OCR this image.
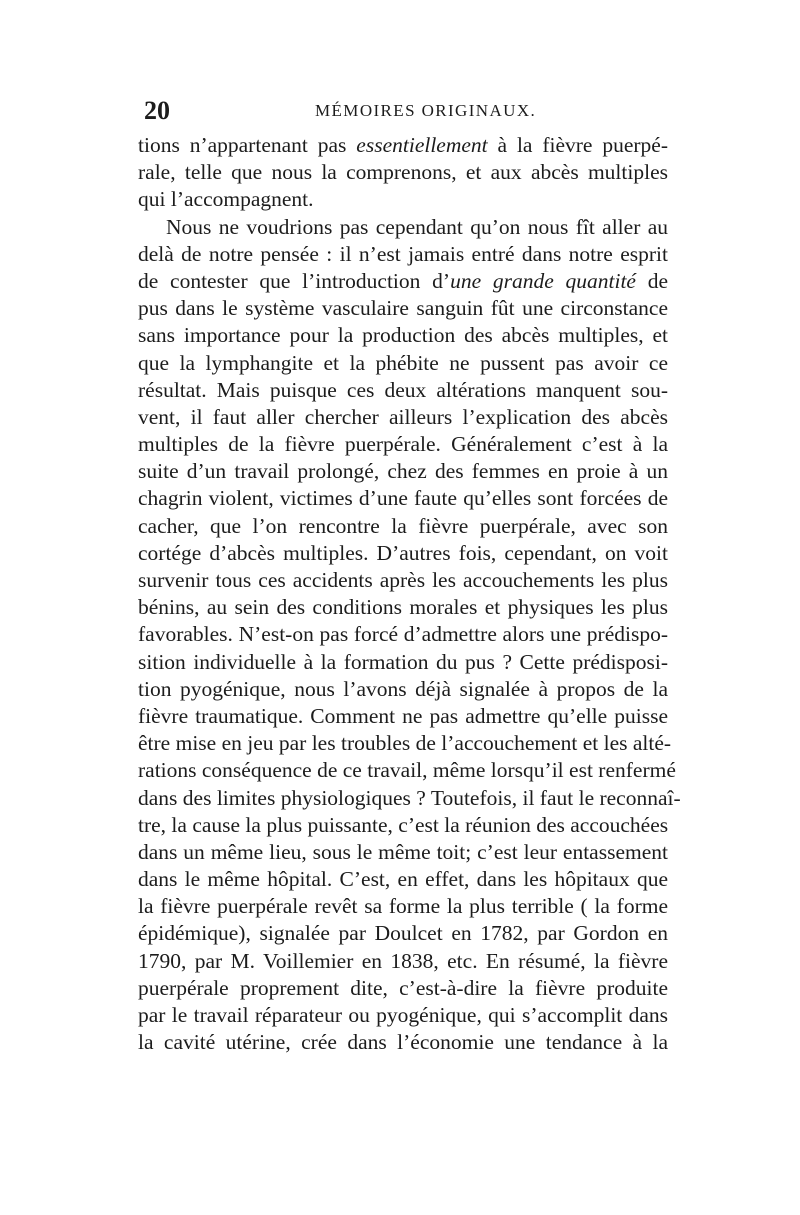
20	MÉMOIRES ORIGINAUX.
tions n’appartenant pas essentiellement à la fièvre puerpé-
rale, telle que nous la comprenons, et aux abcès multiples
qui l’accompagnent.
Nous ne voudrions pas cependant qu’on nous fît aller au
delà de notre pensée : il n’est jamais entré dans notre esprit
de contester que l’introduction d’une grande quantité de
pus dans le système vasculaire sanguin fût une circonstance
sans importance pour la production des abcès multiples, et
que la lymphangite et la phébite ne pussent pas avoir ce
résultat. Mais puisque ces deux altérations manquent sou-
vent, il faut aller chercher ailleurs l’explication des abcès
multiples de la fièvre puerpérale. Généralement c’est à la
suite d’un travail prolongé, chez des femmes en proie à un
chagrin violent, victimes d’une faute qu’elles sont forcées de
cacher, que l’on rencontre la fièvre puerpérale, avec son
cortége d’abcès multiples. D’autres fois, cependant, on voit
survenir tous ces accidents après les accouchements les plus
bénins, au sein des conditions morales et physiques les plus
favorables. N’est-on pas forcé d’admettre alors une prédispo-
sition individuelle à la formation du pus ? Cette prédisposi-
tion pyogénique, nous l’avons déjà signalée à propos de la
fièvre traumatique. Comment ne pas admettre qu’elle puisse
être mise en jeu par les troubles de l’accouchement et les alté-
rations conséquence de ce travail, même lorsqu’il est renfermé
dans des limites physiologiques ? Toutefois, il faut le reconnaî-
tre, la cause la plus puissante, c’est la réunion des accouchées
dans un même lieu, sous le même toit; c’est leur entassement
dans le même hôpital. C’est, en effet, dans les hôpitaux que
la fièvre puerpérale revêt sa forme la plus terrible ( la forme
épidémique), signalée par Doulcet en 1782, par Gordon en
1790, par M. Voillemier en 1838, etc. En résumé, la fièvre
puerpérale proprement dite, c’est-à-dire la fièvre produite
par le travail réparateur ou pyogénique, qui s’accomplit dans
la cavité utérine, crée dans l’économie une tendance à la
